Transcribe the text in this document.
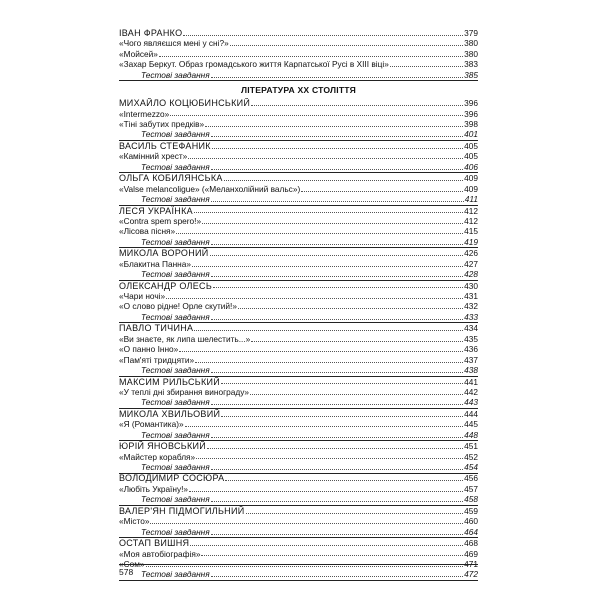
ІВАН ФРАНКО	379
«Чого являєшся мені у сні?»	380
«Мойсей»	380
«Захар Беркут. Образ громадського життя Карпатської Русі в ХІІІ віці»	383
Тестові завдання	385
ЛІТЕРАТУРА ХХ СТОЛІТТЯ
МИХАЙЛО КОЦЮБИНСЬКИЙ	396
«Intermezzo»	396
«Тіні забутих предків»	398
Тестові завдання	401
ВАСИЛЬ СТЕФАНИК	405
«Камінний хрест»	405
Тестові завдання	406
ОЛЬГА КОБИЛЯНСЬКА	409
«Valse melancoligue» («Меланхолійний вальс»)	409
Тестові завдання	411
ЛЕСЯ УКРАЇНКА	412
«Contra spem spero!»	412
«Лісова пісня»	415
Тестові завдання	419
МИКОЛА ВОРОНИЙ	426
«Блакитна Панна»	427
Тестові завдання	428
ОЛЕКСАНДР ОЛЕСЬ	430
«Чари ночі»	431
«О слово рідне! Орле скутий!»	432
Тестові завдання	433
ПАВЛО ТИЧИНА	434
«Ви знаєте, як липа шелестить...»	435
«О панно Інно»	436
«Пам'яті тридцяти»	437
Тестові завдання	438
МАКСИМ РИЛЬСЬКИЙ	441
«У теплі дні збирання винограду»	442
Тестові завдання	443
МИКОЛА ХВИЛЬОВИЙ	444
«Я (Романтика)»	445
Тестові завдання	448
ЮРІЙ ЯНОВСЬКИЙ	451
«Майстер корабля»	452
Тестові завдання	454
ВОЛОДИМИР СОСЮРА	456
«Любіть Україну!»	457
Тестові завдання	458
ВАЛЕР'ЯН ПІДМОГИЛЬНИЙ	459
«Місто»	460
Тестові завдання	464
ОСТАП ВИШНЯ	468
«Моя автобіографія»	469
«Сом»	471
Тестові завдання	472
578
